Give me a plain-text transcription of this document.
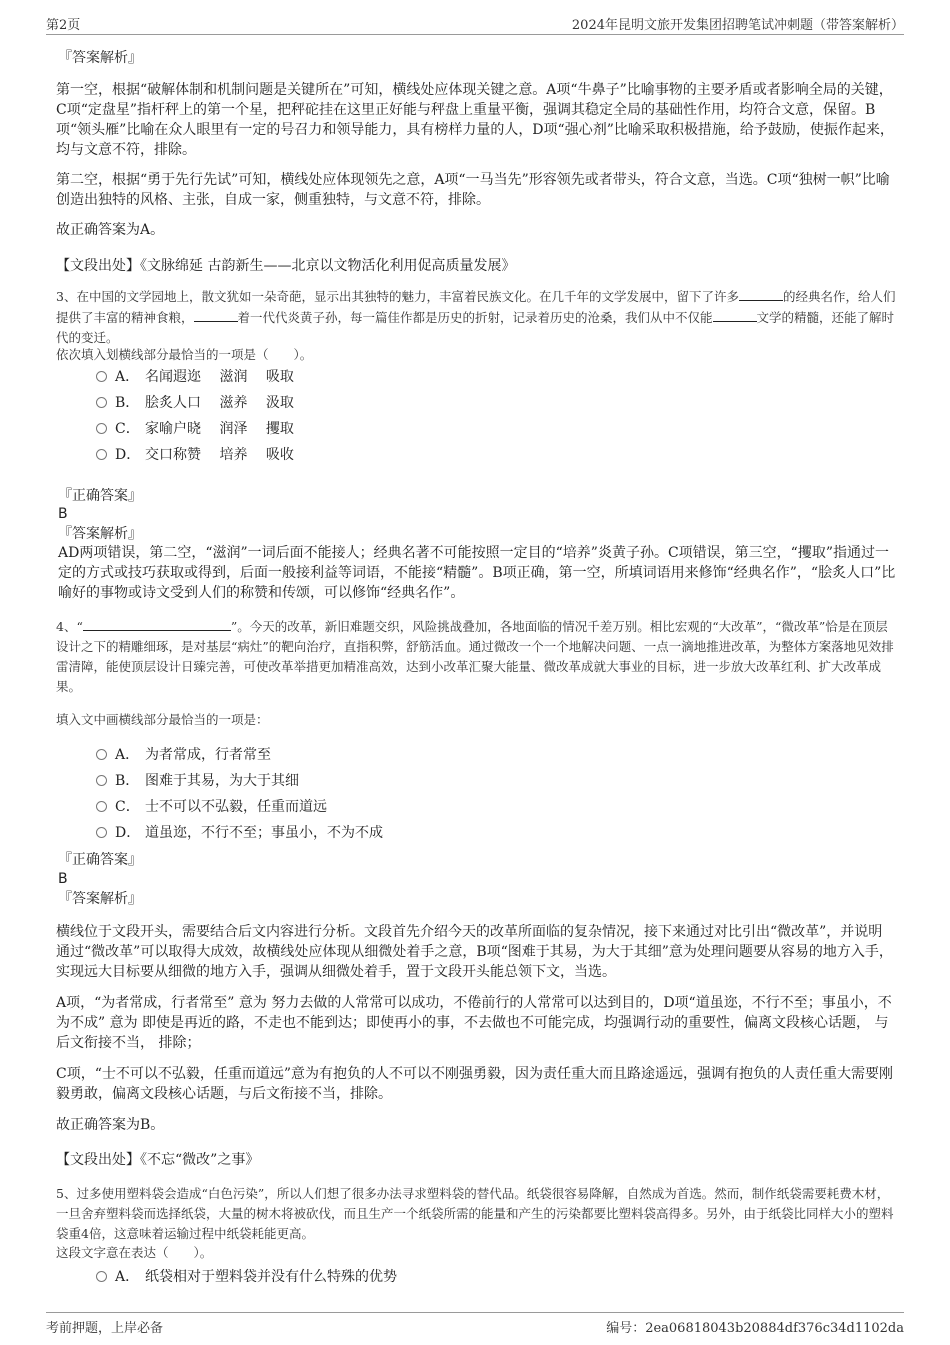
第2页	2024年昆明文旅开发集团招聘笔试冲刺题（带答案解析）
『答案解析』
第一空，根据“破解体制和机制问题是关键所在”可知，横线处应体现关键之意。A项“牛鼻子”比喻事物的主要矛盾或者影响全局的关键，C项“定盘星”指杆秤上的第一个星，把秤砣挂在这里正好能与秤盘上重量平衡，强调其稳定全局的基础性作用，均符合文意，保留。B项“领头雁”比喻在众人眼里有一定的号召力和领导能力，具有榜样力量的人，D项“强心剂”比喻采取积极措施，给予鼓励，使振作起来，均与文意不符，排除。
第二空，根据“勇于先行先试”可知，横线处应体现领先之意，A项“一马当先”形容领先或者带头，符合文意，当选。C项“独树一帜”比喻创造出独特的风格、主张，自成一家，侧重独特，与文意不符，排除。
故正确答案为A。
【文段出处】《文脉绵延 古韵新生——北京以文物活化利用促高质量发展》
3、在中国的文学园地上，散文犹如一朵奇葩，显示出其独特的魅力，丰富着民族文化。在几千年的文学发展中，留下了许多	的经典名作，给人们提供了丰富的精神食粮，	着一代代炎黄子孙，每一篇佳作都是历史的折射，记录着历史的沧桑，我们从中不仅能	文学的精髓，还能了解时代的变迁。
依次填入划横线部分最恰当的一项是（　　）。
A． 名闻遐迩　 滋润　 吸取
B． 脍炙人口　 滋养　 汲取
C． 家喻户晓　 润泽　 攫取
D． 交口称赞　 培养　 吸收
『正确答案』
B
『答案解析』
AD两项错误，第二空，“滋润”一词后面不能接人；经典名著不可能按照一定目的“培养”炎黄子孙。C项错误，第三空，“攫取”指通过一定的方式或技巧获取或得到，后面一般接利益等词语，不能接“精髓”。B项正确，第一空，所填词语用来修饰“经典名作”，“脍炙人口”比喻好的事物或诗文受到人们的称赞和传颂，可以修饰“经典名作”。
4、“	”。今天的改革，新旧难题交织，风险挑战叠加，各地面临的情况千差万别。相比宏观的“大改革”，“微改革”恰是在顶层设计之下的精雕细琢，是对基层“病灶”的靶向治疗，直指积弊，舒筋活血。通过微改一个一个地解决问题、一点一滴地推进改革，为整体方案落地见效排雷清障，能使顶层设计日臻完善，可使改革举措更加精准高效，达到小改革汇聚大能量、微改革成就大事业的目标，进一步放大改革红利、扩大改革成果。
填入文中画横线部分最恰当的一项是：
A． 为者常成，行者常至
B． 图难于其易，为大于其细
C． 士不可以不弘毅，任重而道远
D． 道虽迩，不行不至；事虽小，不为不成
『正确答案』
B
『答案解析』
横线位于文段开头，需要结合后文内容进行分析。文段首先介绍今天的改革所面临的复杂情况，接下来通过对比引出“微改革”，并说明通过“微改革”可以取得大成效，故横线处应体现从细微处着手之意，B项“图难于其易，为大于其细”意为处理问题要从容易的地方入手，实现远大目标要从细微的地方入手，强调从细微处着手，置于文段开头能总领下文，当选。
A项，“为者常成，行者常至” 意为 努力去做的人常常可以成功，不倦前行的人常常可以达到目的，D项“道虽迩，不行不至；事虽小，不为不成” 意为 即使是再近的路，不走也不能到达；即使再小的事，不去做也不可能完成，均强调行动的重要性，偏离文段核心话题， 与后文衔接不当， 排除；
C项，“士不可以不弘毅，任重而道远”意为有抱负的人不可以不刚强勇毅，因为责任重大而且路途遥远，强调有抱负的人责任重大需要刚毅勇敢，偏离文段核心话题，与后文衔接不当，排除。
故正确答案为B。
【文段出处】《不忘“微改”之事》
5、过多使用塑料袋会造成“白色污染”，所以人们想了很多办法寻求塑料袋的替代品。纸袋很容易降解，自然成为首选。然而，制作纸袋需要耗费木材，一旦舍弃塑料袋而选择纸袋，大量的树木将被砍伐，而且生产一个纸袋所需的能量和产生的污染都要比塑料袋高得多。另外，由于纸袋比同样大小的塑料袋重4倍，这意味着运输过程中纸袋耗能更高。
这段文字意在表达（　　）。
A． 纸袋相对于塑料袋并没有什么特殊的优势
考前押题，上岸必备	编号：2ea06818043b20884df376c34d1102da
